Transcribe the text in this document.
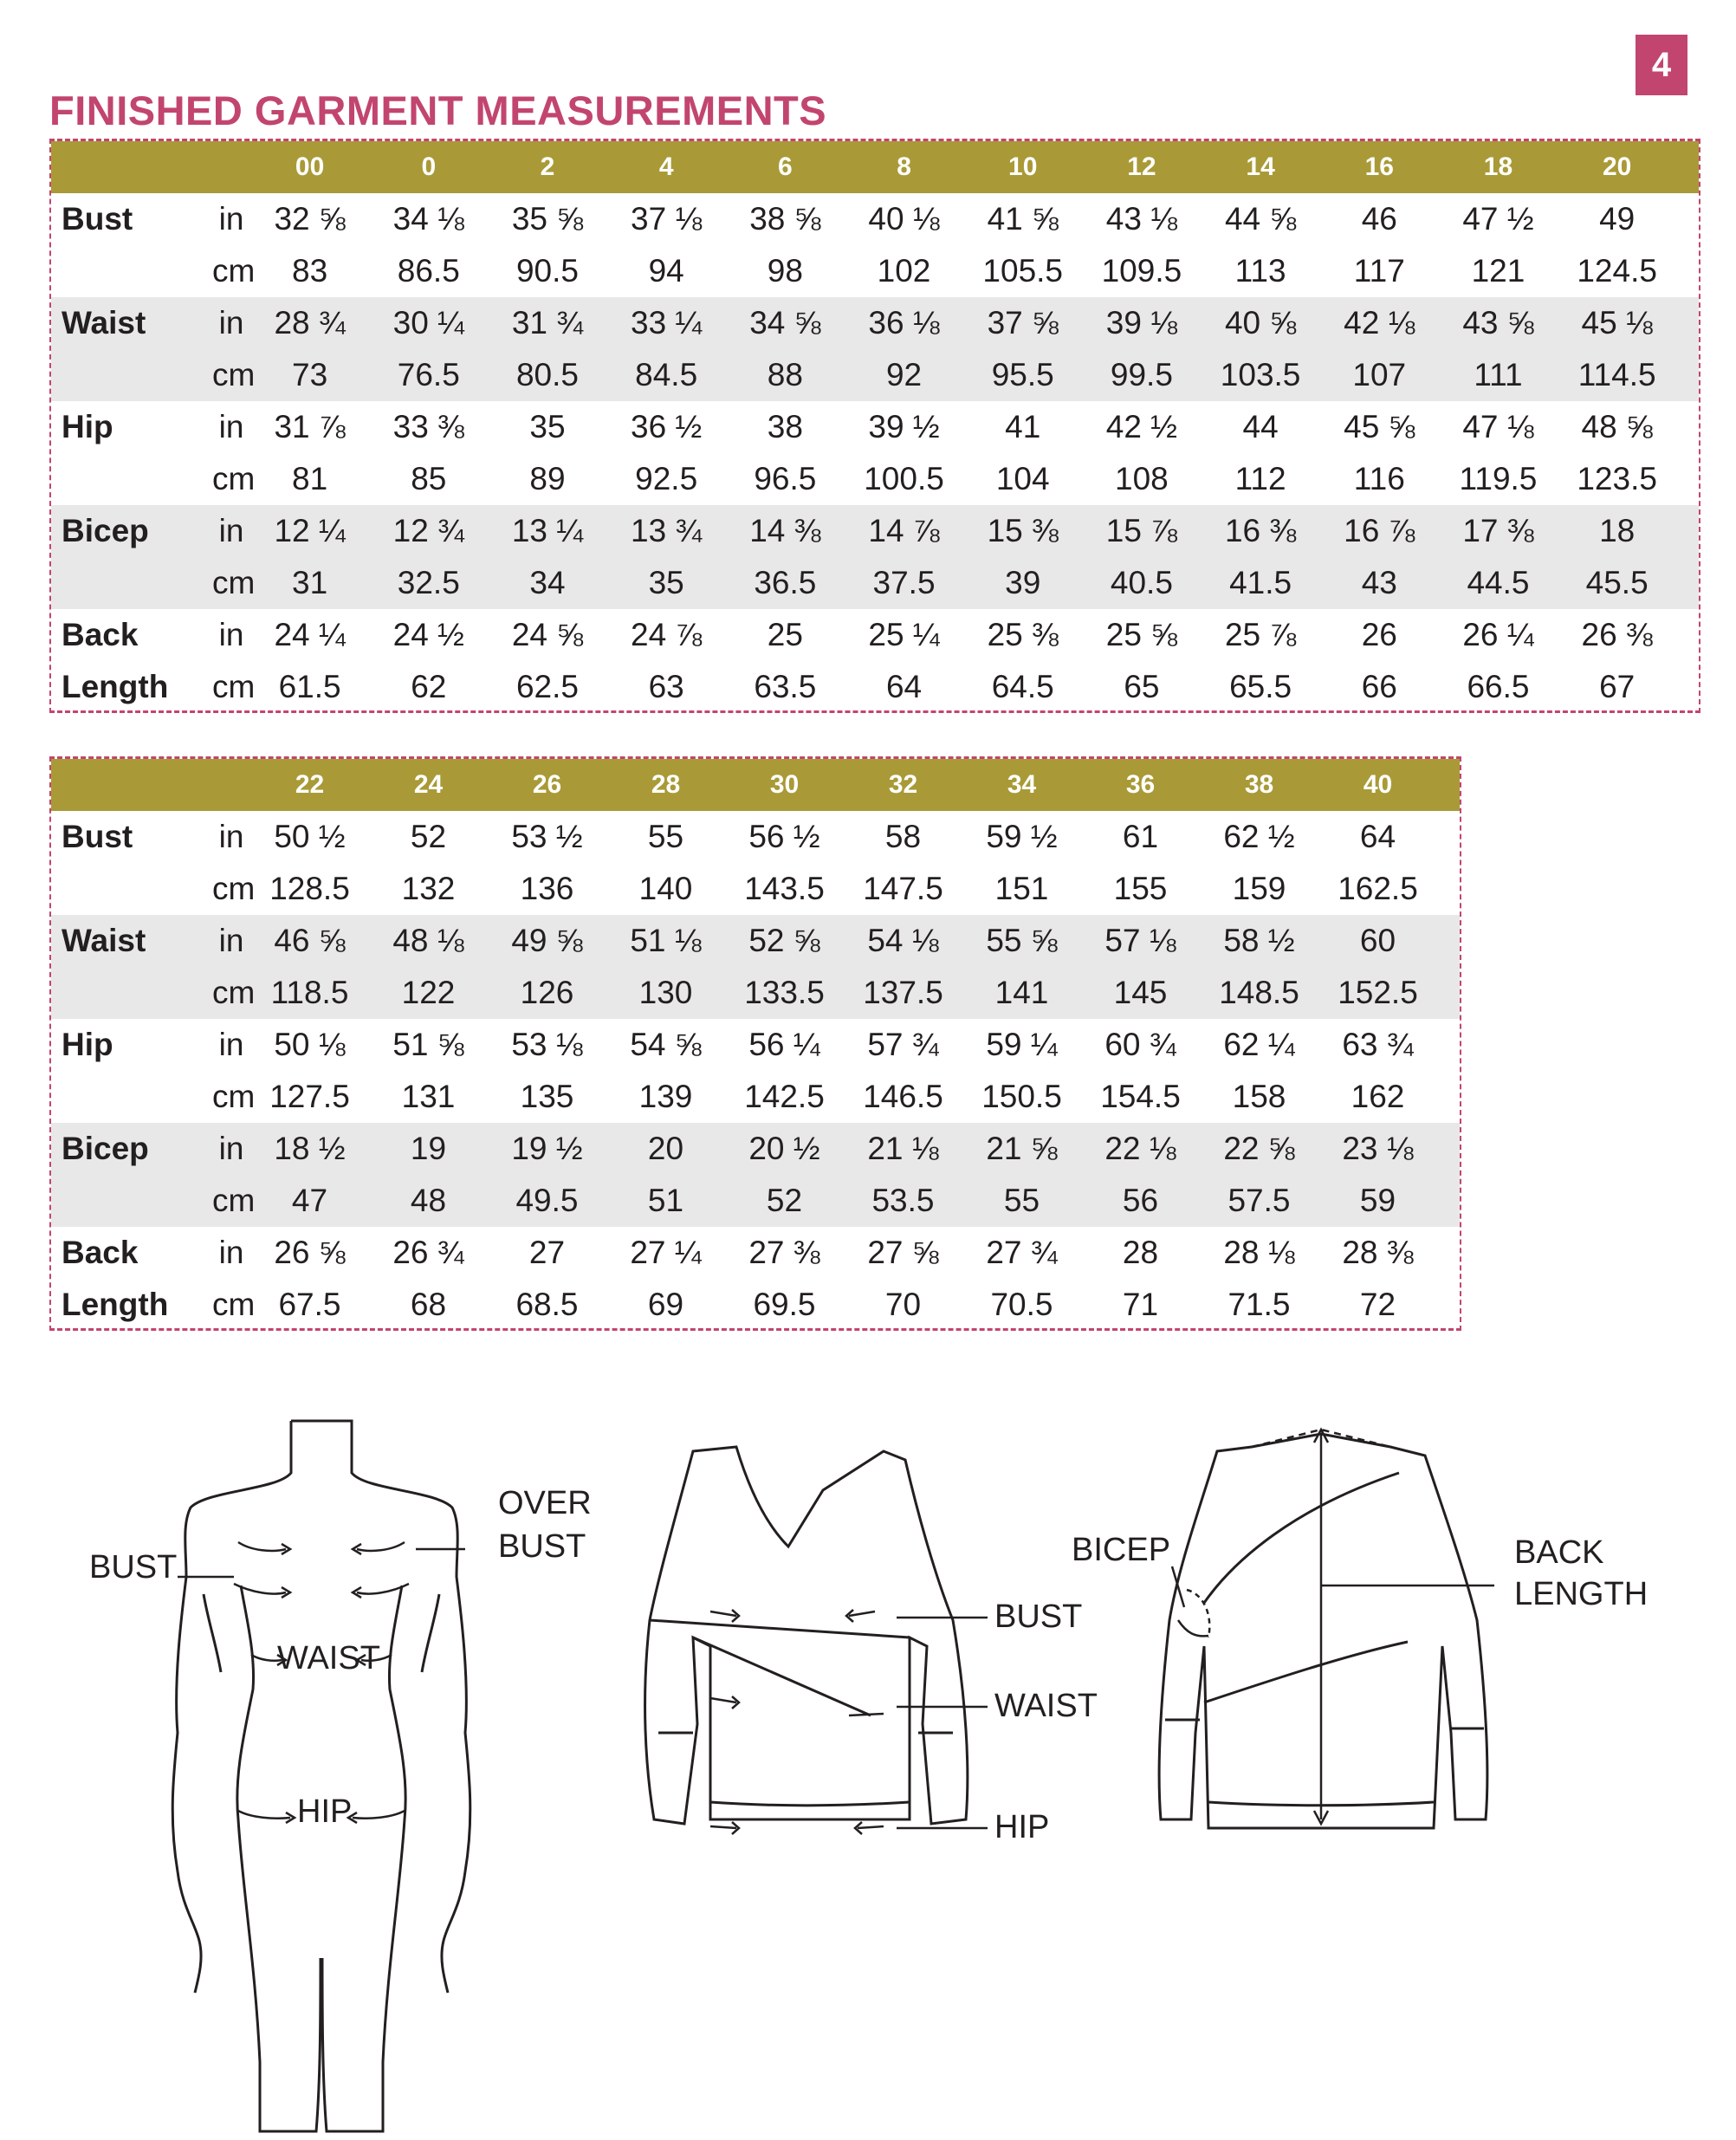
4
FINISHED GARMENT MEASUREMENTS
00	0	2	4	6	8	10	12	14	16	18	20
Bust	in 32 ⅝	34 ⅛	35 ⅝	37 ⅛	38 ⅝	40 ⅛	41 ⅝	43 ⅛	44 ⅝	46	47 ½	49
cm	83	86.5	90.5	94	98	102	105.5	109.5	113	117	121	124.5
Waist	in 28 ¾	30 ¼	31 ¾	33 ¼	34 ⅝	36 ⅛	37 ⅝	39 ⅛	40 ⅝	42 ⅛	43 ⅝	45 ⅛
cm	73	76.5	80.5	84.5	88	92	95.5	99.5	103.5	107	111	114.5
Hip	in 31 ⅞	33 ⅜	35	36 ½	38	39 ½	41	42 ½	44	45 ⅝	47 ⅛	48 ⅝
cm	81	85	89	92.5	96.5	100.5	104	108	112	116	119.5	123.5
Bicep	in 12 ¼	12 ¾	13 ¼	13 ¾	14 ⅜	14 ⅞	15 ⅜	15 ⅞	16 ⅜	16 ⅞	17 ⅜	18
cm	31	32.5	34	35	36.5	37.5	39	40.5	41.5	43	44.5	45.5
Back	in 24 ¼	24 ½	24 ⅝	24 ⅞	25	25 ¼	25 ⅜	25 ⅝	25 ⅞	26	26 ¼	26 ⅜
Length	cm 61.5	62	62.5	63	63.5	64	64.5	65	65.5	66	66.5	67
22	24	26	28	30	32	34	36	38	40
Bust	in 50 ½	52	53 ½	55	56 ½	58	59 ½	61	62 ½	64
cm 128.5	132	136	140	143.5	147.5	151	155	159	162.5
Waist	in 46 ⅝	48 ⅛	49 ⅝	51 ⅛	52 ⅝	54 ⅛	55 ⅝	57 ⅛	58 ½	60
cm 118.5	122	126	130	133.5	137.5	141	145	148.5	152.5
Hip	in 50 ⅛	51 ⅝	53 ⅛	54 ⅝	56 ¼	57 ¾	59 ¼	60 ¾	62 ¼	63 ¾
cm 127.5	131	135	139	142.5	146.5	150.5	154.5	158	162
Bicep	in 18 ½	19	19 ½	20	20 ½	21 ⅛	21 ⅝	22 ⅛	22 ⅝	23 ⅛
cm	47	48	49.5	51	52	53.5	55	56	57.5	59
Back	in 26 ⅝	26 ¾	27	27 ¼	27 ⅜	27 ⅝	27 ¾	28	28 ⅛	28 ⅜
Length	cm 67.5	68	68.5	69	69.5	70	70.5	71	71.5	72
BUST
OVER BUST
WAIST
HIP
BUST
WAIST
HIP
BICEP	BACK LENGTH
